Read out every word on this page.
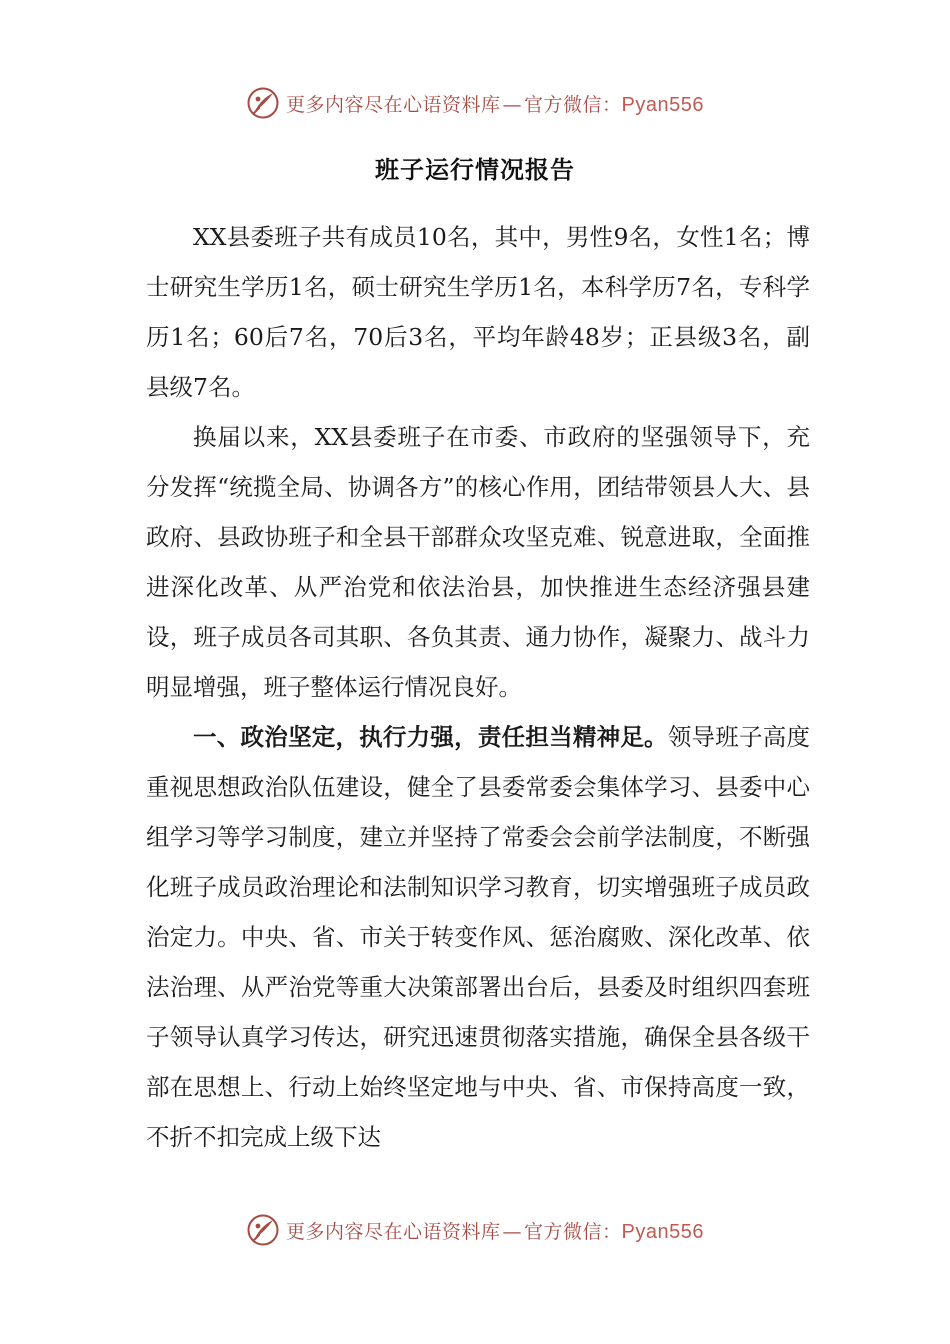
更多内容尽在心语资料库 — 官方微信：Pyan556
班子运行情况报告

XX县委班子共有成员10名，其中，男性9名，女性1名；博士研究生学历1名，硕士研究生学历1名，本科学历7名，专科学历1名；60后7名，70后3名，平均年龄48岁；正县级3名，副县级7名。

换届以来，XX县委班子在市委、市政府的坚强领导下，充分发挥“统揽全局、协调各方”的核心作用，团结带领县人大、县政府、县政协班子和全县干部群众攻坚克难、锐意进取，全面推进深化改革、从严治党和依法治县，加快推进生态经济强县建设，班子成员各司其职、各负其责、通力协作，凝聚力、战斗力明显增强，班子整体运行情况良好。

一、政治坚定，执行力强，责任担当精神足。领导班子高度重视思想政治队伍建设，健全了县委常委会集体学习、县委中心组学习等学习制度，建立并坚持了常委会会前学法制度，不断强化班子成员政治理论和法制知识学习教育，切实增强班子成员政治定力。中央、省、市关于转变作风、惩治腐败、深化改革、依法治理、从严治党等重大决策部署出台后，县委及时组织四套班子领导认真学习传达，研究迅速贯彻落实措施，确保全县各级干部在思想上、行动上始终坚定地与中央、省、市保持高度一致，不折不扣完成上级下达

更多内容尽在心语资料库 — 官方微信：Pyan556
